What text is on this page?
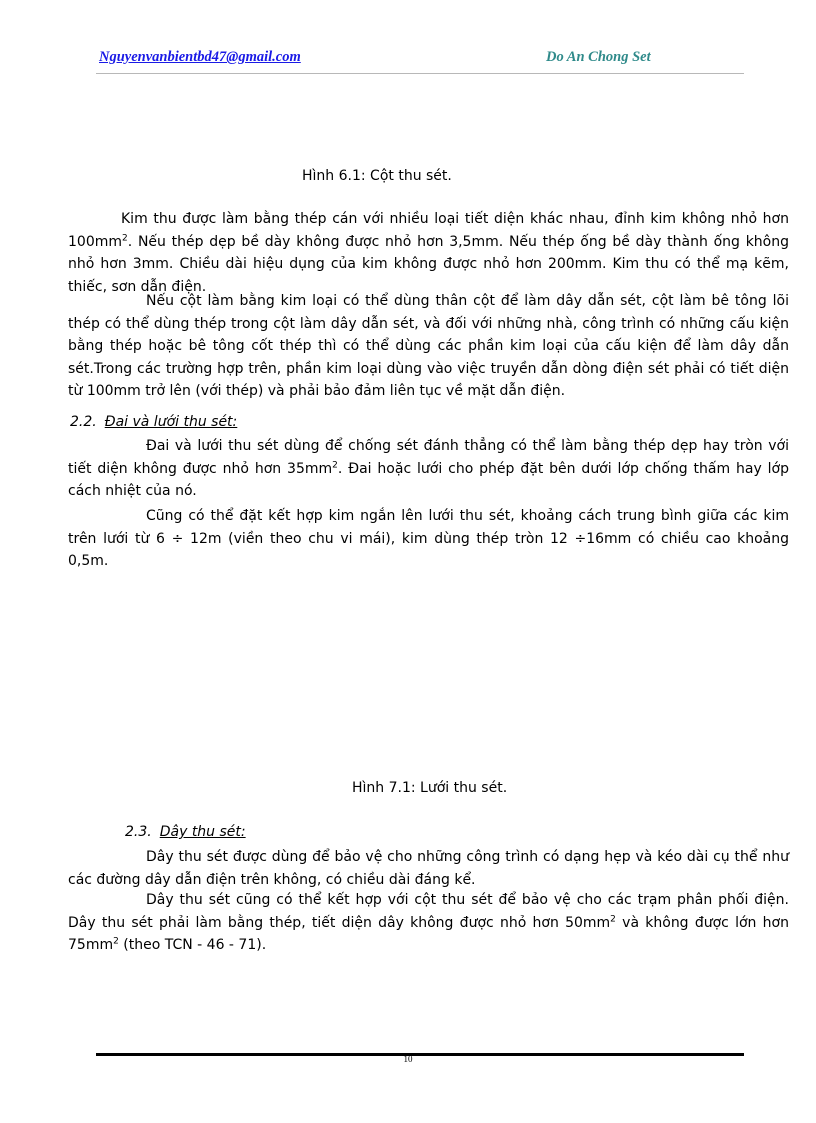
Nguyenvanbientbd47@gmail.com	Do An Chong Set
Hình 6.1: Cột thu sét.

Kim thu được làm bằng thép cán với nhiều loại tiết diện khác nhau, đỉnh kim không nhỏ hơn $100mm^2$. Nếu thép dẹp bề dày không được nhỏ hơn 3,5mm. Nếu thép ống bề dày thành ống không nhỏ hơn 3mm. Chiều dài hiệu dụng của kim không được nhỏ hơn 200mm. Kim thu có thể mạ kẽm, thiếc, sơn dẫn điện.

Nếu cột làm bằng kim loại có thể dùng thân cột để làm dây dẫn sét, cột làm bê tông lõi thép có thể dùng thép trong cột làm dây dẫn sét, và đối với những nhà, công trình có những cấu kiện bằng thép hoặc bê tông cốt thép thì có thể dùng các phần kim loại của cấu kiện để làm dây dẫn sét.Trong các trường hợp trên, phần kim loại dùng vào việc truyền dẫn dòng điện sét phải có tiết diện từ 100mm trở lên (với thép) và phải bảo đảm liên tục về mặt dẫn điện.

2.2. Đai và lưới thu sét:

Đai và lưới thu sét dùng để chống sét đánh thẳng có thể làm bằng thép dẹp hay tròn với tiết diện không được nhỏ hơn $35mm^2$. Đai hoặc lưới cho phép đặt bên dưới lớp chống thấm hay lớp cách nhiệt của nó.

Cũng có thể đặt kết hợp kim ngắn lên lưới thu sét, khoảng cách trung bình giữa các kim trên lưới từ 6 ÷ 12m (viền theo chu vi mái), kim dùng thép tròn 12 ÷16mm có chiều cao khoảng 0,5m.

Hình 7.1: Lưới thu sét.
2.3. Dây thu sét:

Dây thu sét được dùng để bảo vệ cho những công trình có dạng hẹp và kéo dài cụ thể như các đường dây dẫn điện trên không, có chiều dài đáng kể.

Dây thu sét cũng có thể kết hợp với cột thu sét để bảo vệ cho các trạm phân phối điện. Dây thu sét phải làm bằng thép, tiết diện dây không được nhỏ hơn $50mm^2$ và không được lớn hơn $75mm^2$ (theo TCN - 46 - 71).

10
